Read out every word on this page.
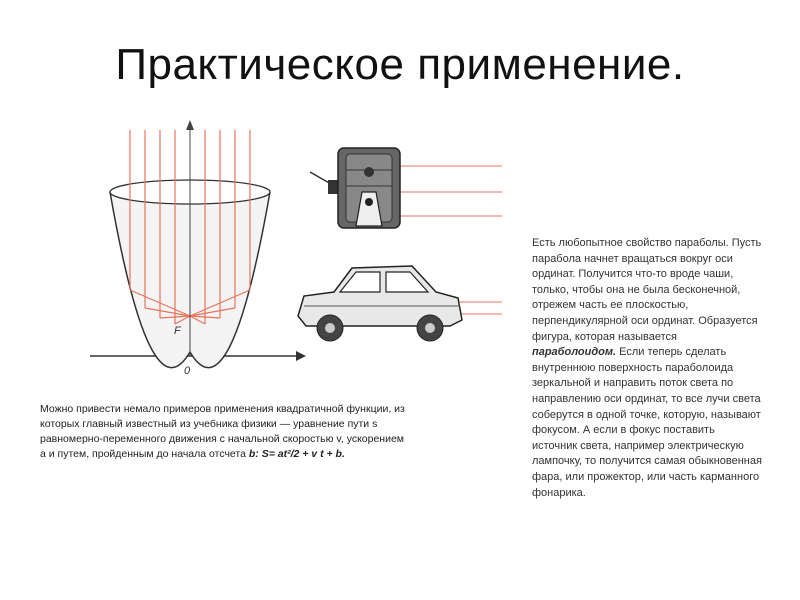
Практическое применение.
F
0
Можно привести немало примеров применения квадратичной функции, из которых главный известный из учебника физики — уравнение пути s равномерно-переменного движения с начальной скоростью v, ускорением a и путем, пройденным до начала отсчета b: S= at²/2 + v t + b.
Есть любопытное свойство параболы. Пусть парабола начнет вращаться вокруг оси ординат. Получится что-то вроде чаши, только, чтобы она не была бесконечной, отрежем часть ее плоскостью, перпендикулярной оси ординат. Образуется фигура, которая называется параболоидом. Если теперь сделать внутреннюю поверхность параболоида зеркальной и направить поток света по направлению оси ординат, то все лучи света соберутся в одной точке, которую, называют фокусом. А если в фокус поставить источник света, например электрическую лампочку, то получится самая обыкновенная фара, или прожектор, или часть карманного фонарика.
